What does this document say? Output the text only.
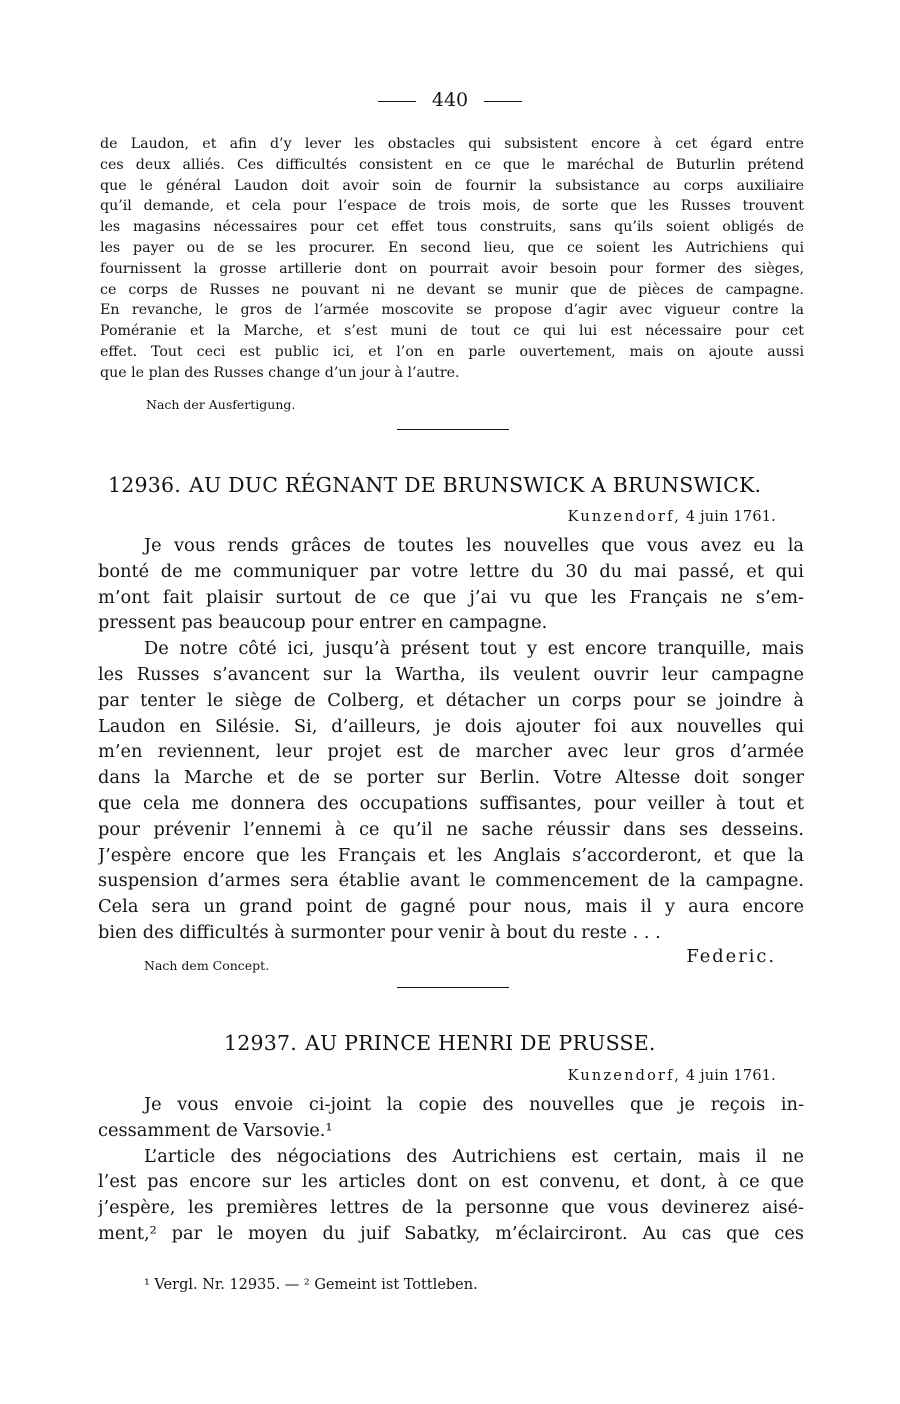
440
de Laudon, et afin d’y lever les obstacles qui subsistent encore à cet égard entre
ces deux alliés. Ces difficultés consistent en ce que le maréchal de Buturlin prétend
que le général Laudon doit avoir soin de fournir la subsistance au corps auxiliaire
qu’il demande, et cela pour l’espace de trois mois, de sorte que les Russes trouvent
les magasins nécessaires pour cet effet tous construits, sans qu’ils soient obligés de
les payer ou de se les procurer. En second lieu, que ce soient les Autrichiens qui
fournissent la grosse artillerie dont on pourrait avoir besoin pour former des sièges,
ce corps de Russes ne pouvant ni ne devant se munir que de pièces de campagne.
En revanche, le gros de l’armée moscovite se propose d’agir avec vigueur contre la
Poméranie et la Marche, et s’est muni de tout ce qui lui est nécessaire pour cet
effet. Tout ceci est public ici, et l’on en parle ouvertement, mais on ajoute aussi
que le plan des Russes change d’un jour à l’autre.
Nach der Ausfertigung.
12936. AU DUC RÉGNANT DE BRUNSWICK A BRUNSWICK.
Kunzendorf, 4 juin 1761.
Je vous rends grâces de toutes les nouvelles que vous avez eu la
bonté de me communiquer par votre lettre du 30 du mai passé, et qui
m’ont fait plaisir surtout de ce que j’ai vu que les Français ne s’em-
pressent pas beaucoup pour entrer en campagne.
De notre côté ici, jusqu’à présent tout y est encore tranquille, mais
les Russes s’avancent sur la Wartha, ils veulent ouvrir leur campagne
par tenter le siège de Colberg, et détacher un corps pour se joindre à
Laudon en Silésie. Si, d’ailleurs, je dois ajouter foi aux nouvelles qui
m’en reviennent, leur projet est de marcher avec leur gros d’armée
dans la Marche et de se porter sur Berlin. Votre Altesse doit songer
que cela me donnera des occupations suffisantes, pour veiller à tout et
pour prévenir l’ennemi à ce qu’il ne sache réussir dans ses desseins.
J’espère encore que les Français et les Anglais s’accorderont, et que la
suspension d’armes sera établie avant le commencement de la campagne.
Cela sera un grand point de gagné pour nous, mais il y aura encore
bien des difficultés à surmonter pour venir à bout du reste . . .
Nach dem Concept.	Federic.
12937. AU PRINCE HENRI DE PRUSSE.
Kunzendorf, 4 juin 1761.
Je vous envoie ci-joint la copie des nouvelles que je reçois in-
cessamment de Varsovie.¹
L’article des négociations des Autrichiens est certain, mais il ne
l’est pas encore sur les articles dont on est convenu, et dont, à ce que
j’espère, les premières lettres de la personne que vous devinerez aisé-
ment,² par le moyen du juif Sabatky, m’éclairciront. Au cas que ces
¹ Vergl. Nr. 12935. — ² Gemeint ist Tottleben.
